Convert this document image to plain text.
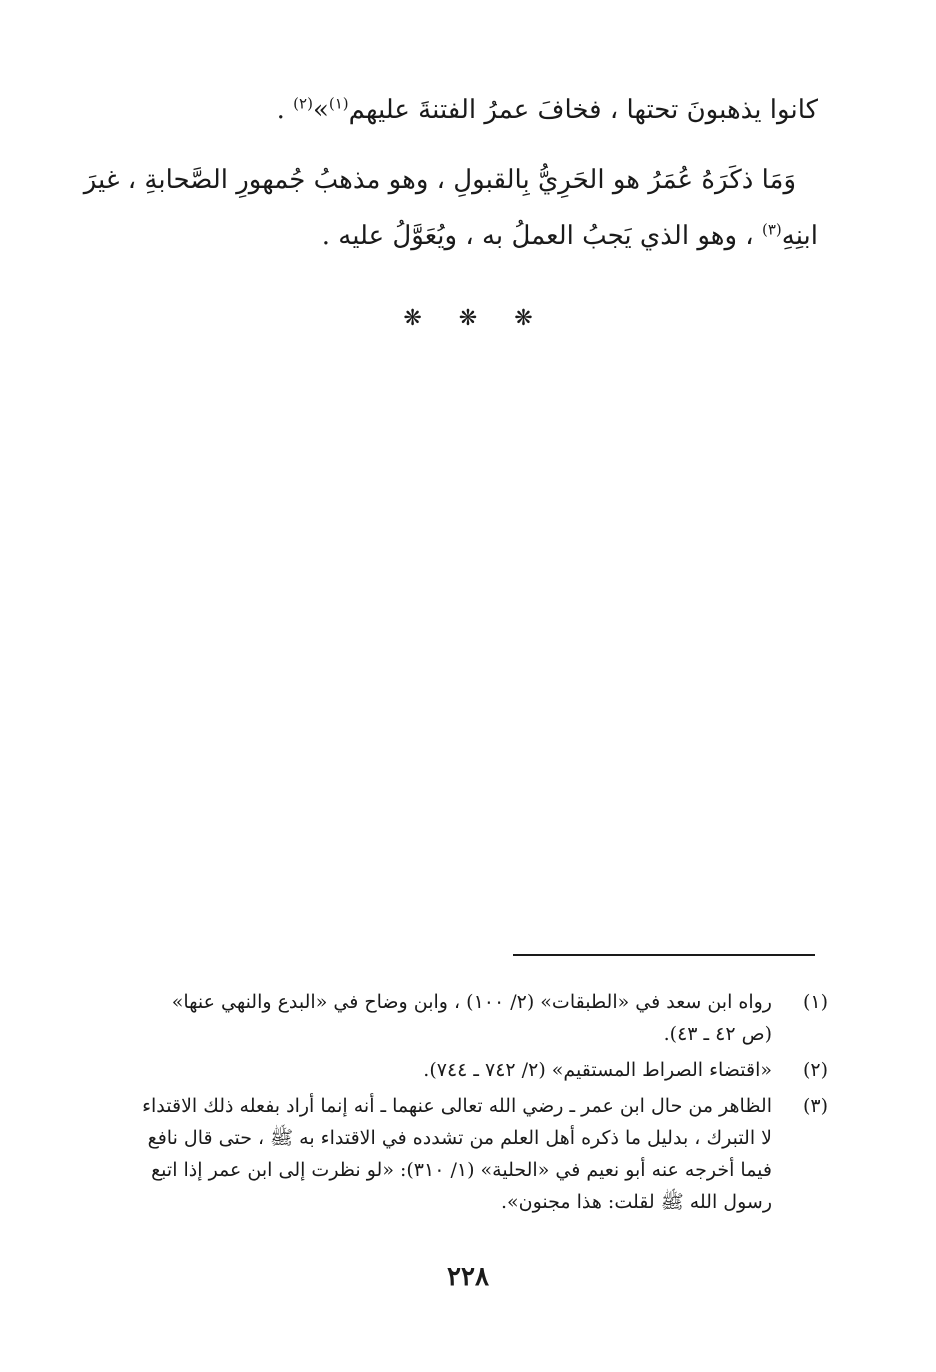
كانوا يذهبونَ تحتها ، فخافَ عمرُ الفتنةَ عليهم$^{(١)}$»$^{(٢)}$ .
وَمَا ذكَرَهُ عُمَرُ هو الحَرِيُّ بِالقبولِ ، وهو مذهبُ جُمهورِ الصَّحابةِ ، غيرَ
ابنِهِ$^{(٣)}$ ، وهو الذي يَجبُ العملُ به ، ويُعَوَّلُ عليه .
❋ ❋ ❋
(١)
رواه ابن سعد في «الطبقات» (٢/ ١٠٠) ، وابن وضاح في «البدع والنهي عنها»
(ص ٤٢ ـ ٤٣).
(٢)
«اقتضاء الصراط المستقيم» (٢/ ٧٤٢ ـ ٧٤٤).
(٣)
الظاهر من حال ابن عمر ـ رضي الله تعالى عنهما ـ أنه إنما أراد بفعله ذلك الاقتداء
لا التبرك ، بدليل ما ذكره أهل العلم من تشدده في الاقتداء به ﷺ ، حتى قال نافع
فيما أخرجه عنه أبو نعيم في «الحلية» (١/ ٣١٠): «لو نظرت إلى ابن عمر إذا اتبع
رسول الله ﷺ لقلت: هذا مجنون».
٢٢٨
